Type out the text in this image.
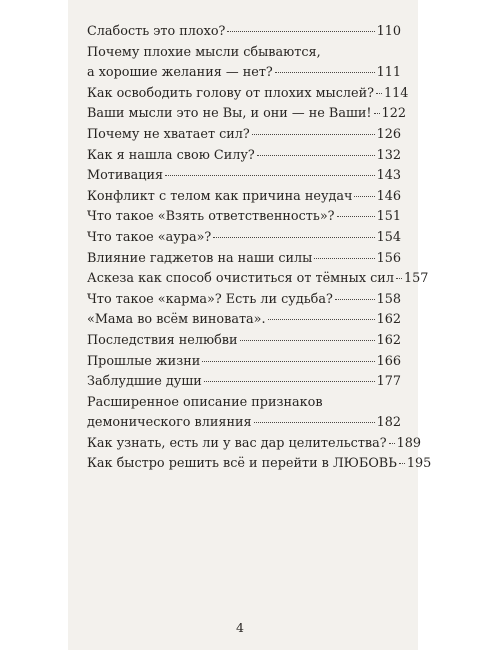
Слабость это плохо?	110
Почему плохие мысли сбываются,
а хорошие желания — нет?	111
Как освободить голову от плохих мыслей? 114
Ваши мысли это не Вы, и они — не Ваши! 122
Почему не хватает сил?	126
Как я нашла свою Силу?	132
Мотивация	143
Конфликт с телом как причина неудач 146
Что такое «Взять ответственность»?	151
Что такое «аура»?	154
Влияние гаджетов на наши силы	156
Аскеза как способ очиститься от тёмных сил 157
Что такое «карма»? Есть ли судьба?	158
«Мама во всём виновата».	162
Последствия нелюбви	162
Прошлые жизни	166
Заблудшие души	177
Расширенное описание признаков
демонического влияния	182
Как узнать, есть ли у вас дар целительства? 189
Как быстро решить всё и перейти в ЛЮБОВЬ 195
4
